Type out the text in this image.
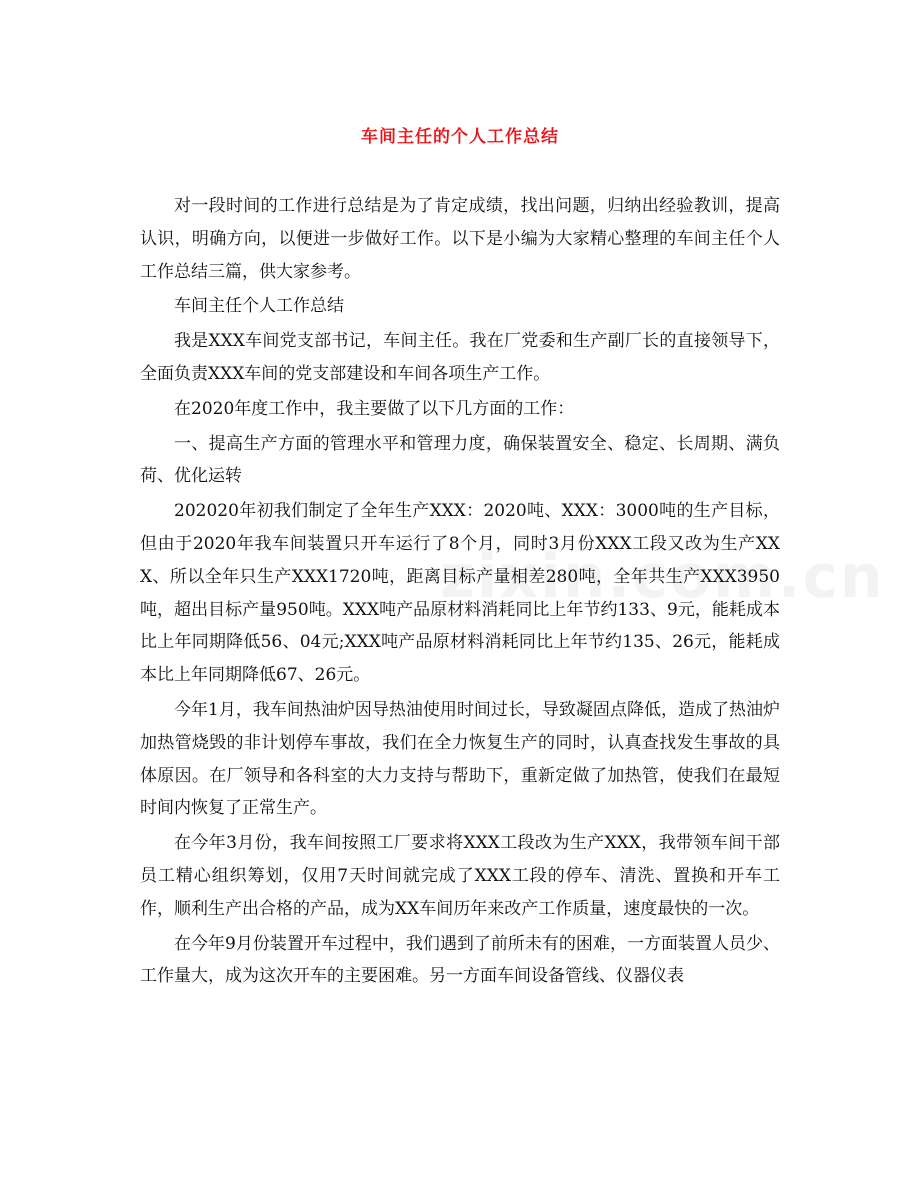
车间主任的个人工作总结

对一段时间的工作进行总结是为了肯定成绩，找出问题，归纳出经验教训，提高认识，明确方向，以便进一步做好工作。以下是小编为大家精心整理的车间主任个人工作总结三篇，供大家参考。

车间主任个人工作总结

我是XXX车间党支部书记，车间主任。我在厂党委和生产副厂长的直接领导下，全面负责XXX车间的党支部建设和车间各项生产工作。

在2020年度工作中，我主要做了以下几方面的工作：

一、提高生产方面的管理水平和管理力度，确保装置安全、稳定、长周期、满负荷、优化运转

202020年初我们制定了全年生产XXX：2020吨、XXX：3000吨的生产目标，但由于2020年我车间装置只开车运行了8个月，同时3月份XXX工段又改为生产XXX、所以全年只生产XXX1720吨，距离目标产量相差280吨，全年共生产XXX3950吨，超出目标产量950吨。XXX吨产品原材料消耗同比上年节约133、9元，能耗成本比上年同期降低56、04元;XXX吨产品原材料消耗同比上年节约135、26元，能耗成本比上年同期降低67、26元。

今年1月，我车间热油炉因导热油使用时间过长，导致凝固点降低，造成了热油炉加热管烧毁的非计划停车事故，我们在全力恢复生产的同时，认真查找发生事故的具体原因。在厂领导和各科室的大力支持与帮助下，重新定做了加热管，使我们在最短时间内恢复了正常生产。

在今年3月份，我车间按照工厂要求将XXX工段改为生产XXX，我带领车间干部员工精心组织筹划，仅用7天时间就完成了XXX工段的停车、清洗、置换和开车工作，顺利生产出合格的产品，成为XX车间历年来改产工作质量，速度最快的一次。

在今年9月份装置开车过程中，我们遇到了前所未有的困难，一方面装置人员少、工作量大，成为这次开车的主要困难。另一方面车间设备管线、仪器仪表
